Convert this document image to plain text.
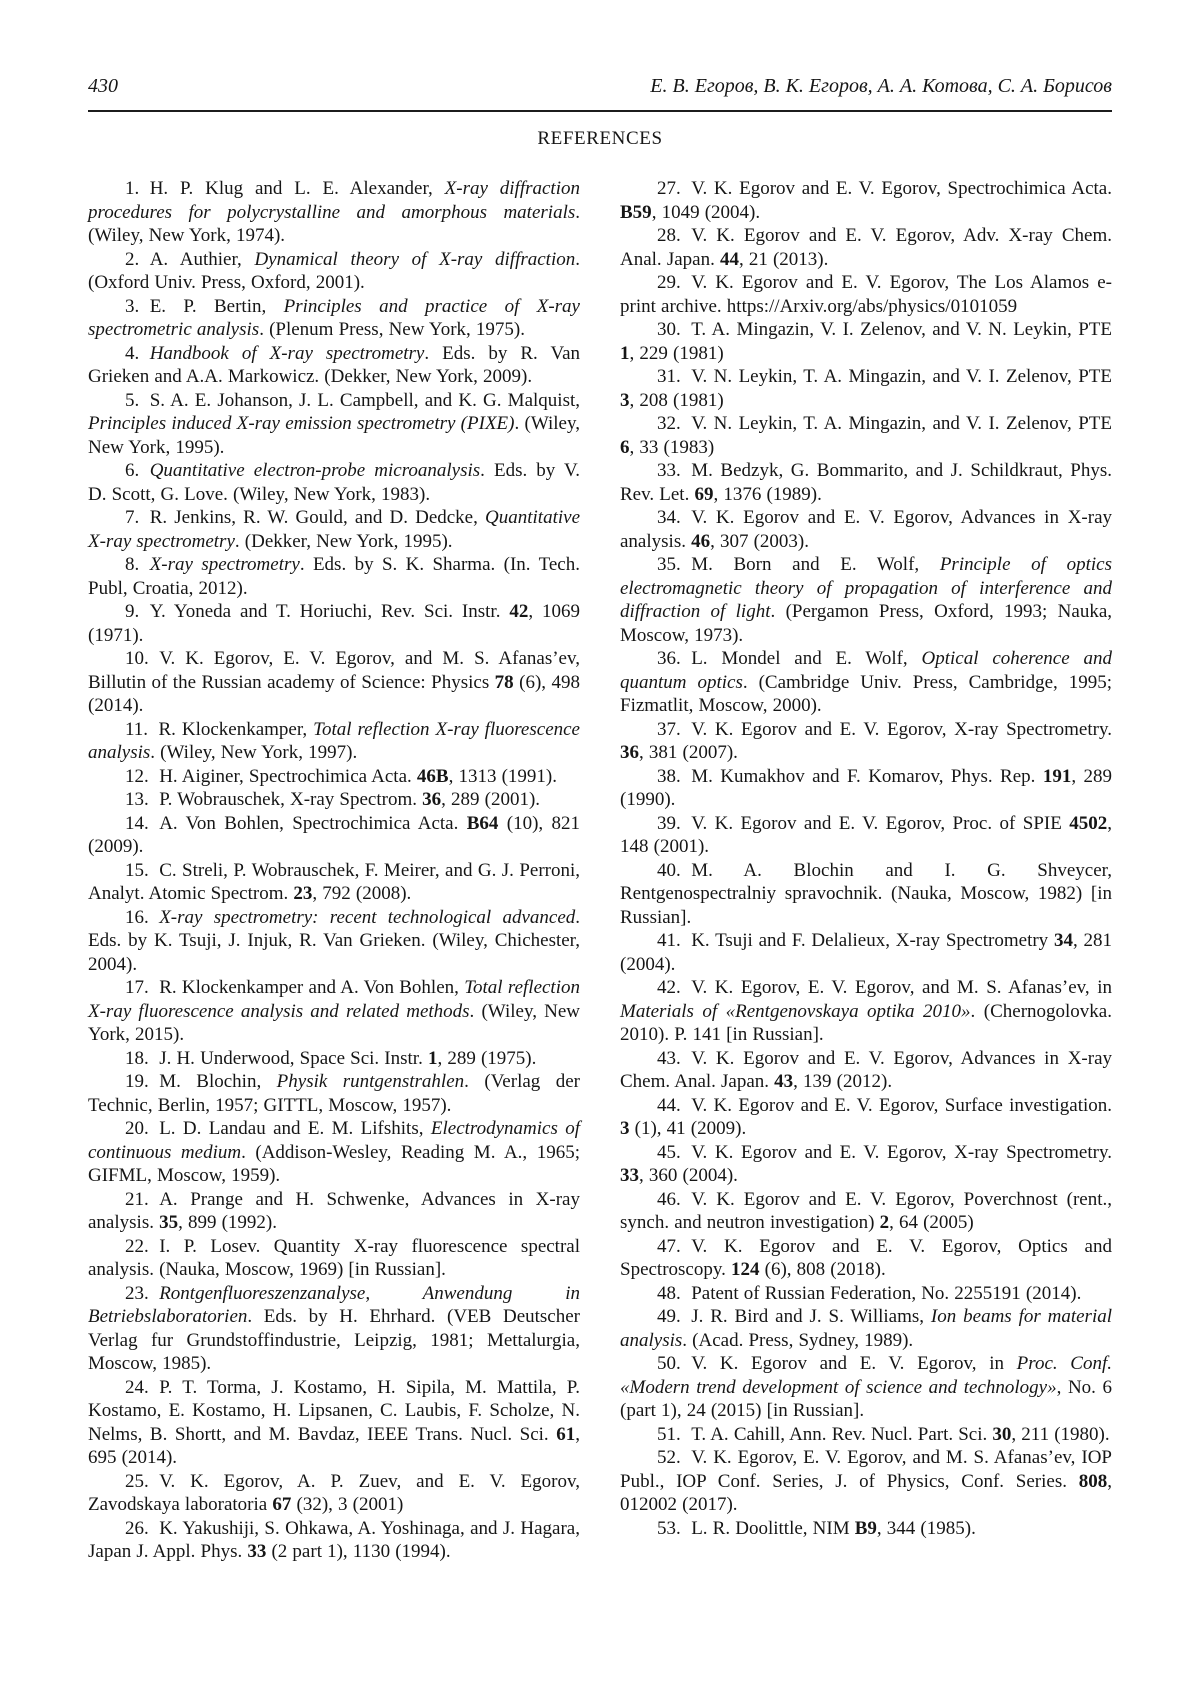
430	Е. В. Егоров, В. К. Егоров, А. А. Котова, С. А. Борисов
REFERENCES

1. H. P. Klug and L. E. Alexander, X-ray diffraction procedures for polycrystalline and amorphous materials. (Wiley, New York, 1974).

2. A. Authier, Dynamical theory of X-ray diffraction. (Oxford Univ. Press, Oxford, 2001).

3. E. P. Bertin, Principles and practice of X-ray spectrometric analysis. (Plenum Press, New York, 1975).

4. Handbook of X-ray spectrometry. Eds. by R. Van Grieken and A.A. Markowicz. (Dekker, New York, 2009).

5. S. A. E. Johanson, J. L. Campbell, and K. G. Malquist, Principles induced X-ray emission spectrometry (PIXE). (Wiley, New York, 1995).

6. Quantitative electron-probe microanalysis. Eds. by V. D. Scott, G. Love. (Wiley, New York, 1983).

7. R. Jenkins, R. W. Gould, and D. Dedcke, Quantitative X-ray spectrometry. (Dekker, New York, 1995).

8. X-ray spectrometry. Eds. by S. K. Sharma. (In. Tech. Publ, Croatia, 2012).

9. Y. Yoneda and T. Horiuchi, Rev. Sci. Instr. 42, 1069 (1971).

10. V. K. Egorov, E. V. Egorov, and M. S. Afanas’ev, Billutin of the Russian academy of Science: Physics 78 (6), 498 (2014).

11. R. Klockenkamper, Total reflection X-ray fluorescence analysis. (Wiley, New York, 1997).

12. H. Aiginer, Spectrochimica Acta. 46B, 1313 (1991).

13. P. Wobrauschek, X-ray Spectrom. 36, 289 (2001).

14. A. Von Bohlen, Spectrochimica Acta. B64 (10), 821 (2009).

15. C. Streli, P. Wobrauschek, F. Meirer, and G. J. Perroni, Analyt. Atomic Spectrom. 23, 792 (2008).

16. X-ray spectrometry: recent technological advanced. Eds. by K. Tsuji, J. Injuk, R. Van Grieken. (Wiley, Chichester, 2004).

17. R. Klockenkamper and A. Von Bohlen, Total reflection X-ray fluorescence analysis and related methods. (Wiley, New York, 2015).

18. J. H. Underwood, Space Sci. Instr. 1, 289 (1975).

19. M. Blochin, Physik runtgenstrahlen. (Verlag der Technic, Berlin, 1957; GITTL, Moscow, 1957).

20. L. D. Landau and E. M. Lifshits, Electrodynamics of continuous medium. (Addison-Wesley, Reading M. A., 1965; GIFML, Moscow, 1959).

21. A. Prange and H. Schwenke, Advances in X-ray analysis. 35, 899 (1992).

22. I. P. Losev. Quantity X-ray fluorescence spectral analysis. (Nauka, Moscow, 1969) [in Russian].

23. Rontgenfluoreszenzanalyse, Anwendung in Betriebslaboratorien. Eds. by H. Ehrhard. (VEB Deutscher Verlag fur Grundstoffindustrie, Leipzig, 1981; Mettalurgia, Moscow, 1985).

24. P. T. Torma, J. Kostamo, H. Sipila, M. Mattila, P. Kostamo, E. Kostamo, H. Lipsanen, C. Laubis, F. Scholze, N. Nelms, B. Shortt, and M. Bavdaz, IEEE Trans. Nucl. Sci. 61, 695 (2014).

25. V. K. Egorov, A. P. Zuev, and E. V. Egorov, Zavodskaya laboratoria 67 (32), 3 (2001)

26. K. Yakushiji, S. Ohkawa, A. Yoshinaga, and J. Hagara, Japan J. Appl. Phys. 33 (2 part 1), 1130 (1994).

27. V. K. Egorov and E. V. Egorov, Spectrochimica Acta. B59, 1049 (2004).

28. V. K. Egorov and E. V. Egorov, Adv. X-ray Chem. Anal. Japan. 44, 21 (2013).

29. V. K. Egorov and E. V. Egorov, The Los Alamos e-print archive. https://Arxiv.org/abs/physics/0101059

30. T. A. Mingazin, V. I. Zelenov, and V. N. Leykin, PTE 1, 229 (1981)

31. V. N. Leykin, T. A. Mingazin, and V. I. Zelenov, PTE 3, 208 (1981)

32. V. N. Leykin, T. A. Mingazin, and V. I. Zelenov, PTE 6, 33 (1983)

33. M. Bedzyk, G. Bommarito, and J. Schildkraut, Phys. Rev. Let. 69, 1376 (1989).

34. V. K. Egorov and E. V. Egorov, Advances in X-ray analysis. 46, 307 (2003).

35. M. Born and E. Wolf, Principle of optics electromagnetic theory of propagation of interference and diffraction of light. (Pergamon Press, Oxford, 1993; Nauka, Moscow, 1973).

36. L. Mondel and E. Wolf, Optical coherence and quantum optics. (Cambridge Univ. Press, Cambridge, 1995; Fizmatlit, Moscow, 2000).

37. V. K. Egorov and E. V. Egorov, X-ray Spectrometry. 36, 381 (2007).

38. M. Kumakhov and F. Komarov, Phys. Rep. 191, 289 (1990).

39. V. K. Egorov and E. V. Egorov, Proc. of SPIE 4502, 148 (2001).

40. M. A. Blochin and I. G. Shveycer, Rentgenospectralniy spravochnik. (Nauka, Moscow, 1982) [in Russian].

41. K. Tsuji and F. Delalieux, X-ray Spectrometry 34, 281 (2004).

42. V. K. Egorov, E. V. Egorov, and M. S. Afanas’ev, in Materials of «Rentgenovskaya optika 2010». (Chernogolovka. 2010). P. 141 [in Russian].

43. V. K. Egorov and E. V. Egorov, Advances in X-ray Chem. Anal. Japan. 43, 139 (2012).

44. V. K. Egorov and E. V. Egorov, Surface investigation. 3 (1), 41 (2009).

45. V. K. Egorov and E. V. Egorov, X-ray Spectrometry. 33, 360 (2004).

46. V. K. Egorov and E. V. Egorov, Poverchnost (rent., synch. and neutron investigation) 2, 64 (2005)

47. V. K. Egorov and E. V. Egorov, Optics and Spectroscopy. 124 (6), 808 (2018).

48. Patent of Russian Federation, No. 2255191 (2014).

49. J. R. Bird and J. S. Williams, Ion beams for material analysis. (Acad. Press, Sydney, 1989).

50. V. K. Egorov and E. V. Egorov, in Proc. Conf. «Modern trend development of science and technology», No. 6 (part 1), 24 (2015) [in Russian].

51. T. A. Cahill, Ann. Rev. Nucl. Part. Sci. 30, 211 (1980).

52. V. K. Egorov, E. V. Egorov, and M. S. Afanas’ev, IOP Publ., IOP Conf. Series, J. of Physics, Conf. Series. 808, 012002 (2017).

53. L. R. Doolittle, NIM B9, 344 (1985).
